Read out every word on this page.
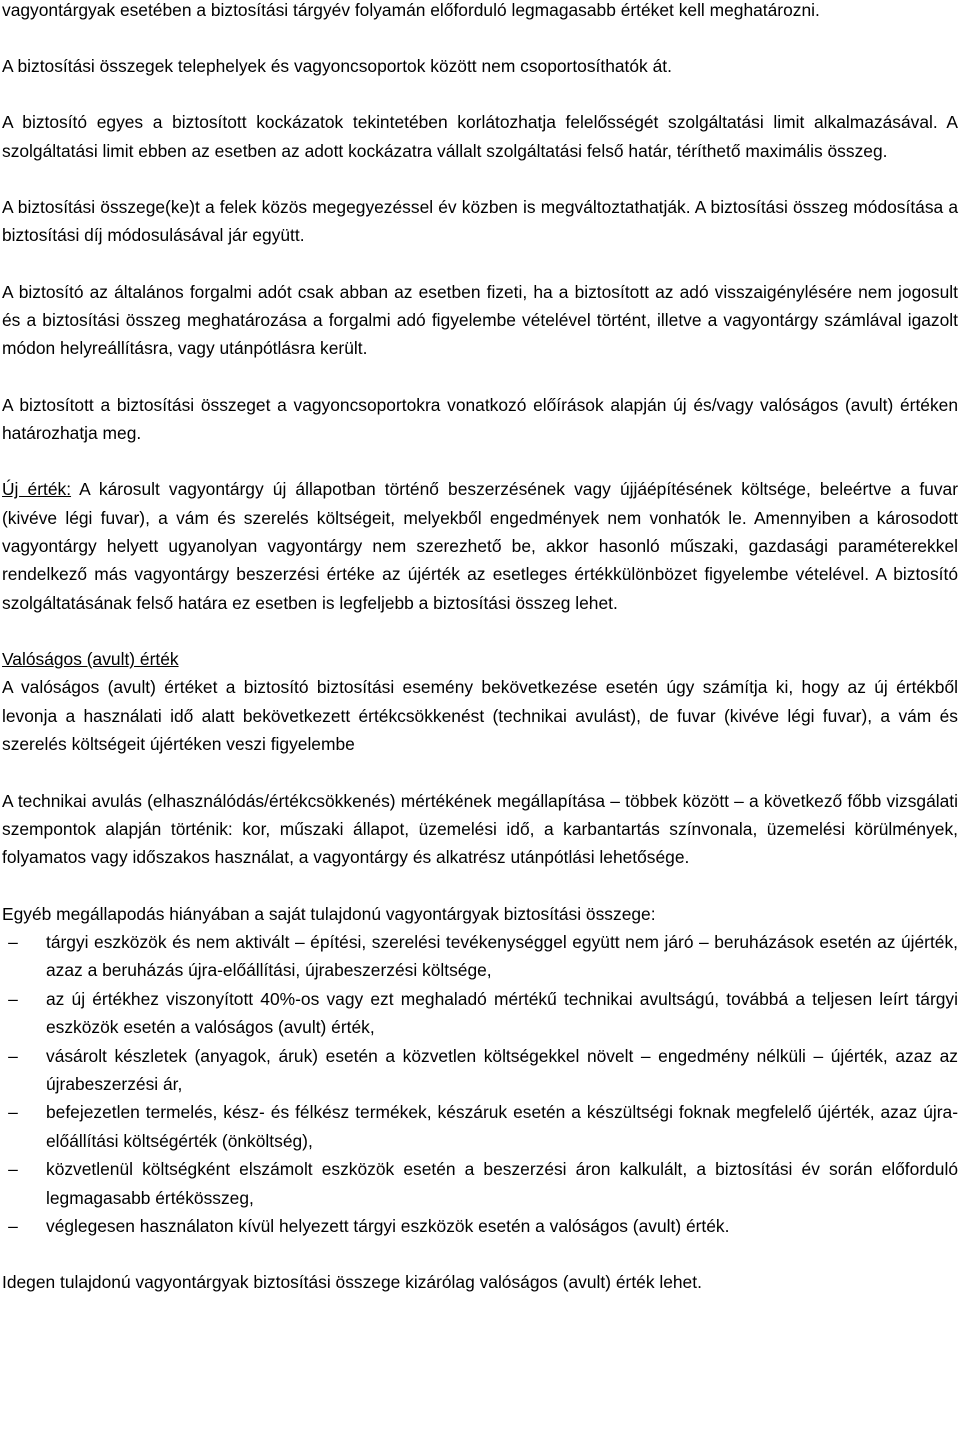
vagyontárgyak esetében a biztosítási tárgyév folyamán előforduló legmagasabb értéket kell meghatározni.

A biztosítási összegek telephelyek és vagyoncsoportok között nem csoportosíthatók át.

A biztosító egyes a biztosított kockázatok tekintetében korlátozhatja felelősségét szolgáltatási limit alkalmazásával. A szolgáltatási limit ebben az esetben az adott kockázatra vállalt szolgáltatási felső határ, téríthető maximális összeg.

A biztosítási összege(ke)t a felek közös megegyezéssel év közben is megváltoztathatják. A biztosítási összeg módosítása a biztosítási díj módosulásával jár együtt.

A biztosító az általános forgalmi adót csak abban az esetben fizeti, ha a biztosított az adó visszaigénylésére nem jogosult és a biztosítási összeg meghatározása a forgalmi adó figyelembe vételével történt, illetve a vagyontárgy számlával igazolt módon helyreállításra, vagy utánpótlásra került.

A biztosított a biztosítási összeget a vagyoncsoportokra vonatkozó előírások alapján új és/vagy valóságos (avult) értéken határozhatja meg.

Új érték: A károsult vagyontárgy új állapotban történő beszerzésének vagy újjáépítésének költsége, beleértve a fuvar (kivéve légi fuvar), a vám és szerelés költségeit, melyekből engedmények nem vonhatók le. Amennyiben a károsodott vagyontárgy helyett ugyanolyan vagyontárgy nem szerezhető be, akkor hasonló műszaki, gazdasági paraméterekkel rendelkező más vagyontárgy beszerzési értéke az újérték az esetleges értékkülönbözet figyelembe vételével. A biztosító szolgáltatásának felső határa ez esetben is legfeljebb a biztosítási összeg lehet.

Valóságos (avult) érték

A valóságos (avult) értéket a biztosító biztosítási esemény bekövetkezése esetén úgy számítja ki, hogy az új értékből levonja a használati idő alatt bekövetkezett értékcsökkenést (technikai avulást), de fuvar (kivéve légi fuvar), a vám és szerelés költségeit újértéken veszi figyelembe

A technikai avulás (elhasználódás/értékcsökkenés) mértékének megállapítása – többek között – a következő főbb vizsgálati szempontok alapján történik: kor, műszaki állapot, üzemelési idő, a karbantartás színvonala, üzemelési körülmények, folyamatos vagy időszakos használat, a vagyontárgy és alkatrész utánpótlási lehetősége.

Egyéb megállapodás hiányában a saját tulajdonú vagyontárgyak biztosítási összege:

–	tárgyi eszközök és nem aktivált – építési, szerelési tevékenységgel együtt nem járó – beruházások esetén az újérték, azaz a beruházás újra-előállítási, újrabeszerzési költsége,
–	az új értékhez viszonyított 40%-os vagy ezt meghaladó mértékű technikai avultságú, továbbá a teljesen leírt tárgyi eszközök esetén a valóságos (avult) érték,
–	vásárolt készletek (anyagok, áruk) esetén a közvetlen költségekkel növelt – engedmény nélküli – újérték, azaz az újrabeszerzési ár,
–	befejezetlen termelés, kész- és félkész termékek, készáruk esetén a készültségi foknak megfelelő újérték, azaz újra-előállítási költségérték (önköltség),
–	közvetlenül költségként elszámolt eszközök esetén a beszerzési áron kalkulált, a biztosítási év során előforduló legmagasabb értékösszeg,
–	véglegesen használaton kívül helyezett tárgyi eszközök esetén a valóságos (avult) érték.

Idegen tulajdonú vagyontárgyak biztosítási összege kizárólag valóságos (avult) érték lehet.
